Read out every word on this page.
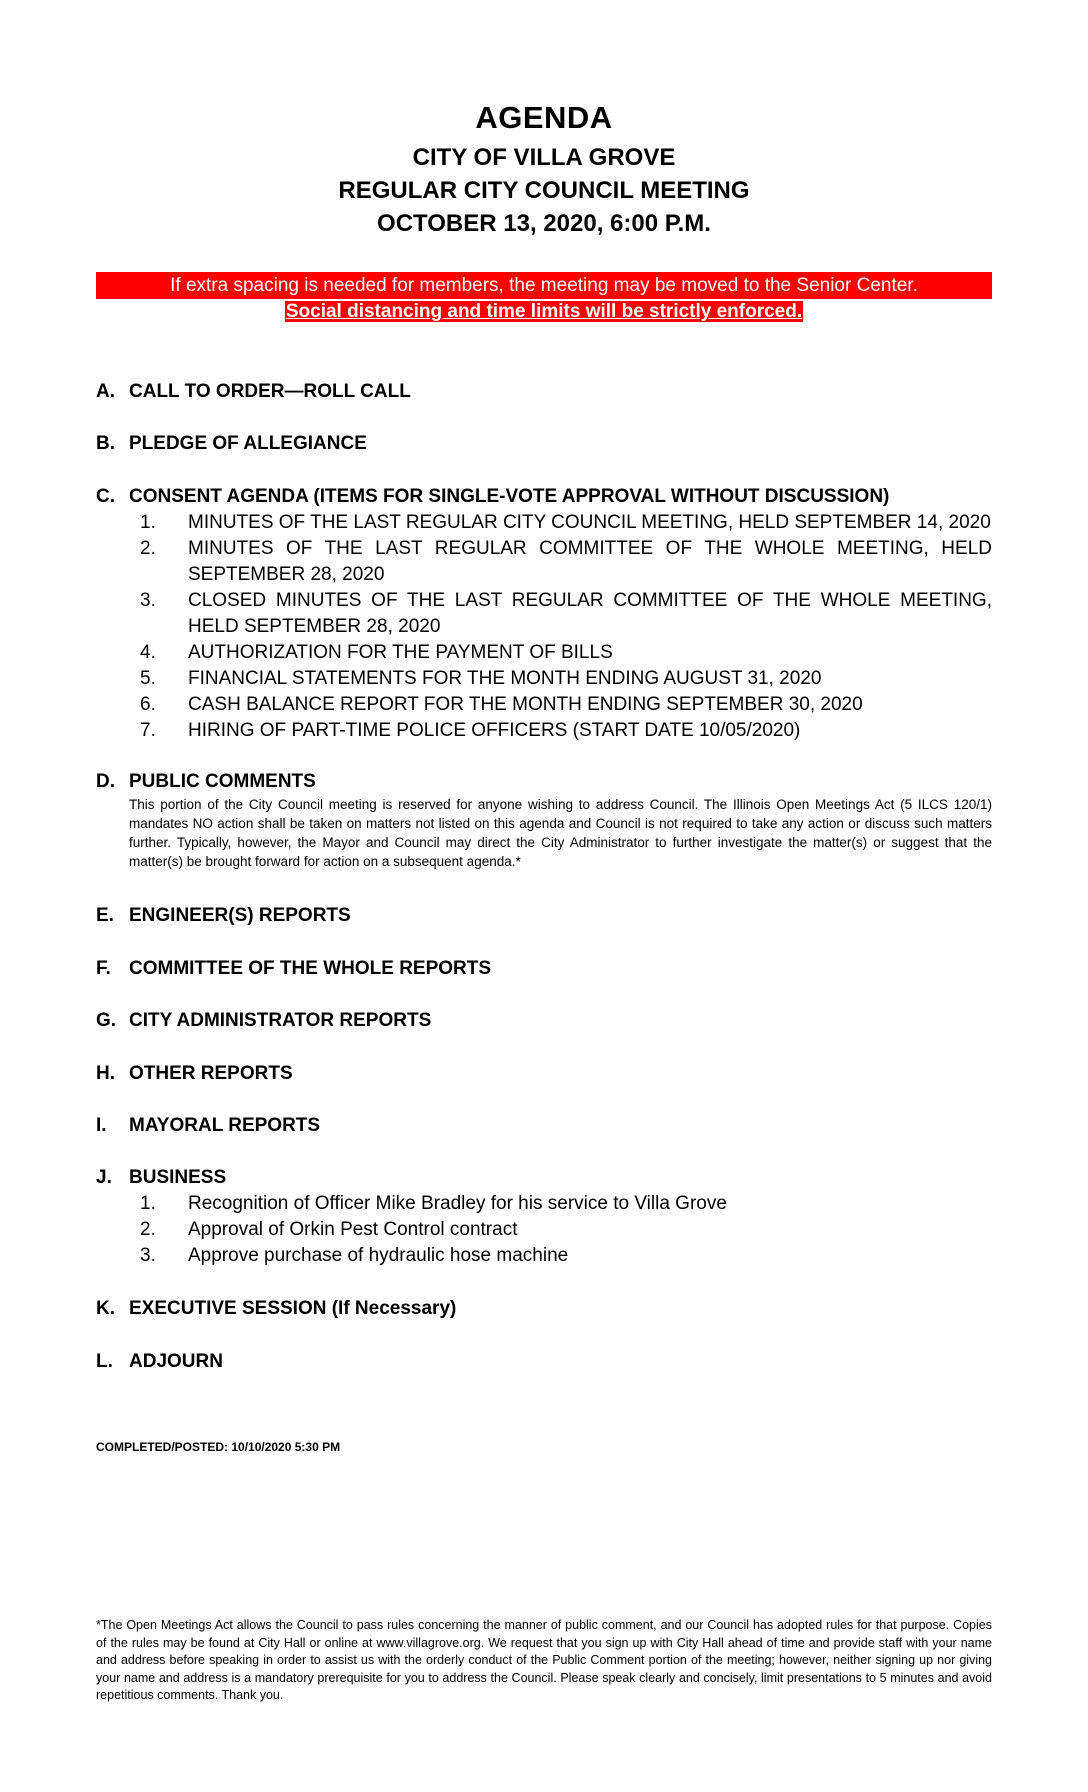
AGENDA
CITY OF VILLA GROVE
REGULAR CITY COUNCIL MEETING
OCTOBER 13, 2020, 6:00 P.M.
If extra spacing is needed for members, the meeting may be moved to the Senior Center.
Social distancing and time limits will be strictly enforced.
A. CALL TO ORDER—ROLL CALL
B. PLEDGE OF ALLEGIANCE
C. CONSENT AGENDA (ITEMS FOR SINGLE-VOTE APPROVAL WITHOUT DISCUSSION)
1.	MINUTES OF THE LAST REGULAR CITY COUNCIL MEETING, HELD SEPTEMBER 14, 2020
2.	MINUTES OF THE LAST REGULAR COMMITTEE OF THE WHOLE MEETING, HELD SEPTEMBER 28, 2020
3.	CLOSED MINUTES OF THE LAST REGULAR COMMITTEE OF THE WHOLE MEETING, HELD SEPTEMBER 28, 2020
4.	AUTHORIZATION FOR THE PAYMENT OF BILLS
5.	FINANCIAL STATEMENTS FOR THE MONTH ENDING AUGUST 31, 2020
6.	CASH BALANCE REPORT FOR THE MONTH ENDING SEPTEMBER 30, 2020
7.	HIRING OF PART-TIME POLICE OFFICERS (START DATE 10/05/2020)
D. PUBLIC COMMENTS
This portion of the City Council meeting is reserved for anyone wishing to address Council. The Illinois Open Meetings Act (5 ILCS 120/1) mandates NO action shall be taken on matters not listed on this agenda and Council is not required to take any action or discuss such matters further. Typically, however, the Mayor and Council may direct the City Administrator to further investigate the matter(s) or suggest that the matter(s) be brought forward for action on a subsequent agenda.*
E. ENGINEER(S) REPORTS
F. COMMITTEE OF THE WHOLE REPORTS
G. CITY ADMINISTRATOR REPORTS
H. OTHER REPORTS
I. MAYORAL REPORTS
J. BUSINESS
1.	Recognition of Officer Mike Bradley for his service to Villa Grove
2.	Approval of Orkin Pest Control contract
3.	Approve purchase of hydraulic hose machine
K. EXECUTIVE SESSION (If Necessary)
L. ADJOURN
COMPLETED/POSTED: 10/10/2020 5:30 PM
*The Open Meetings Act allows the Council to pass rules concerning the manner of public comment, and our Council has adopted rules for that purpose. Copies of the rules may be found at City Hall or online at www.villagrove.org. We request that you sign up with City Hall ahead of time and provide staff with your name and address before speaking in order to assist us with the orderly conduct of the Public Comment portion of the meeting; however, neither signing up nor giving your name and address is a mandatory prerequisite for you to address the Council. Please speak clearly and concisely, limit presentations to 5 minutes and avoid repetitious comments. Thank you.
